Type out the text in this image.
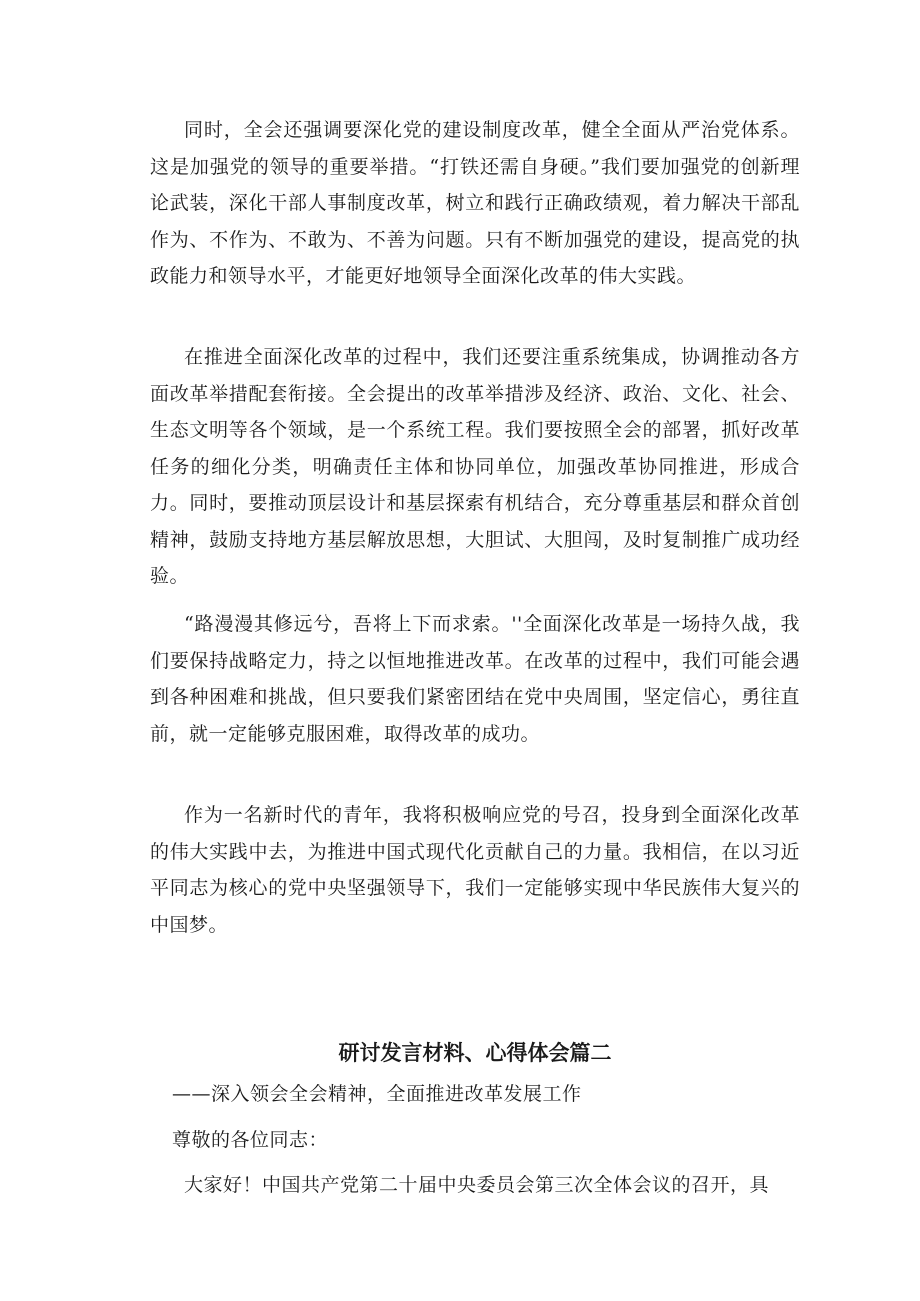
同时，全会还强调要深化党的建设制度改革，健全全面从严治党体系。这是加强党的领导的重要举措。“打铁还需自身硬。”我们要加强党的创新理论武装，深化干部人事制度改革，树立和践行正确政绩观，着力解决干部乱作为、不作为、不敢为、不善为问题。只有不断加强党的建设，提高党的执政能力和领导水平，才能更好地领导全面深化改革的伟大实践。

在推进全面深化改革的过程中，我们还要注重系统集成，协调推动各方面改革举措配套衔接。全会提出的改革举措涉及经济、政治、文化、社会、生态文明等各个领域，是一个系统工程。我们要按照全会的部署，抓好改革任务的细化分类，明确责任主体和协同单位，加强改革协同推进，形成合力。同时，要推动顶层设计和基层探索有机结合，充分尊重基层和群众首创精神，鼓励支持地方基层解放思想，大胆试、大胆闯，及时复制推广成功经验。

“路漫漫其修远兮，吾将上下而求索。''全面深化改革是一场持久战，我们要保持战略定力，持之以恒地推进改革。在改革的过程中，我们可能会遇到各种困难和挑战，但只要我们紧密团结在党中央周围，坚定信心，勇往直前，就一定能够克服困难，取得改革的成功。

作为一名新时代的青年，我将积极响应党的号召，投身到全面深化改革的伟大实践中去，为推进中国式现代化贡献自己的力量。我相信，在以习近平同志为核心的党中央坚强领导下，我们一定能够实现中华民族伟大复兴的中国梦。

研讨发言材料、心得体会篇二

——深入领会全会精神，全面推进改革发展工作

尊敬的各位同志：

大家好！中国共产党第二十届中央委员会第三次全体会议的召开，具
